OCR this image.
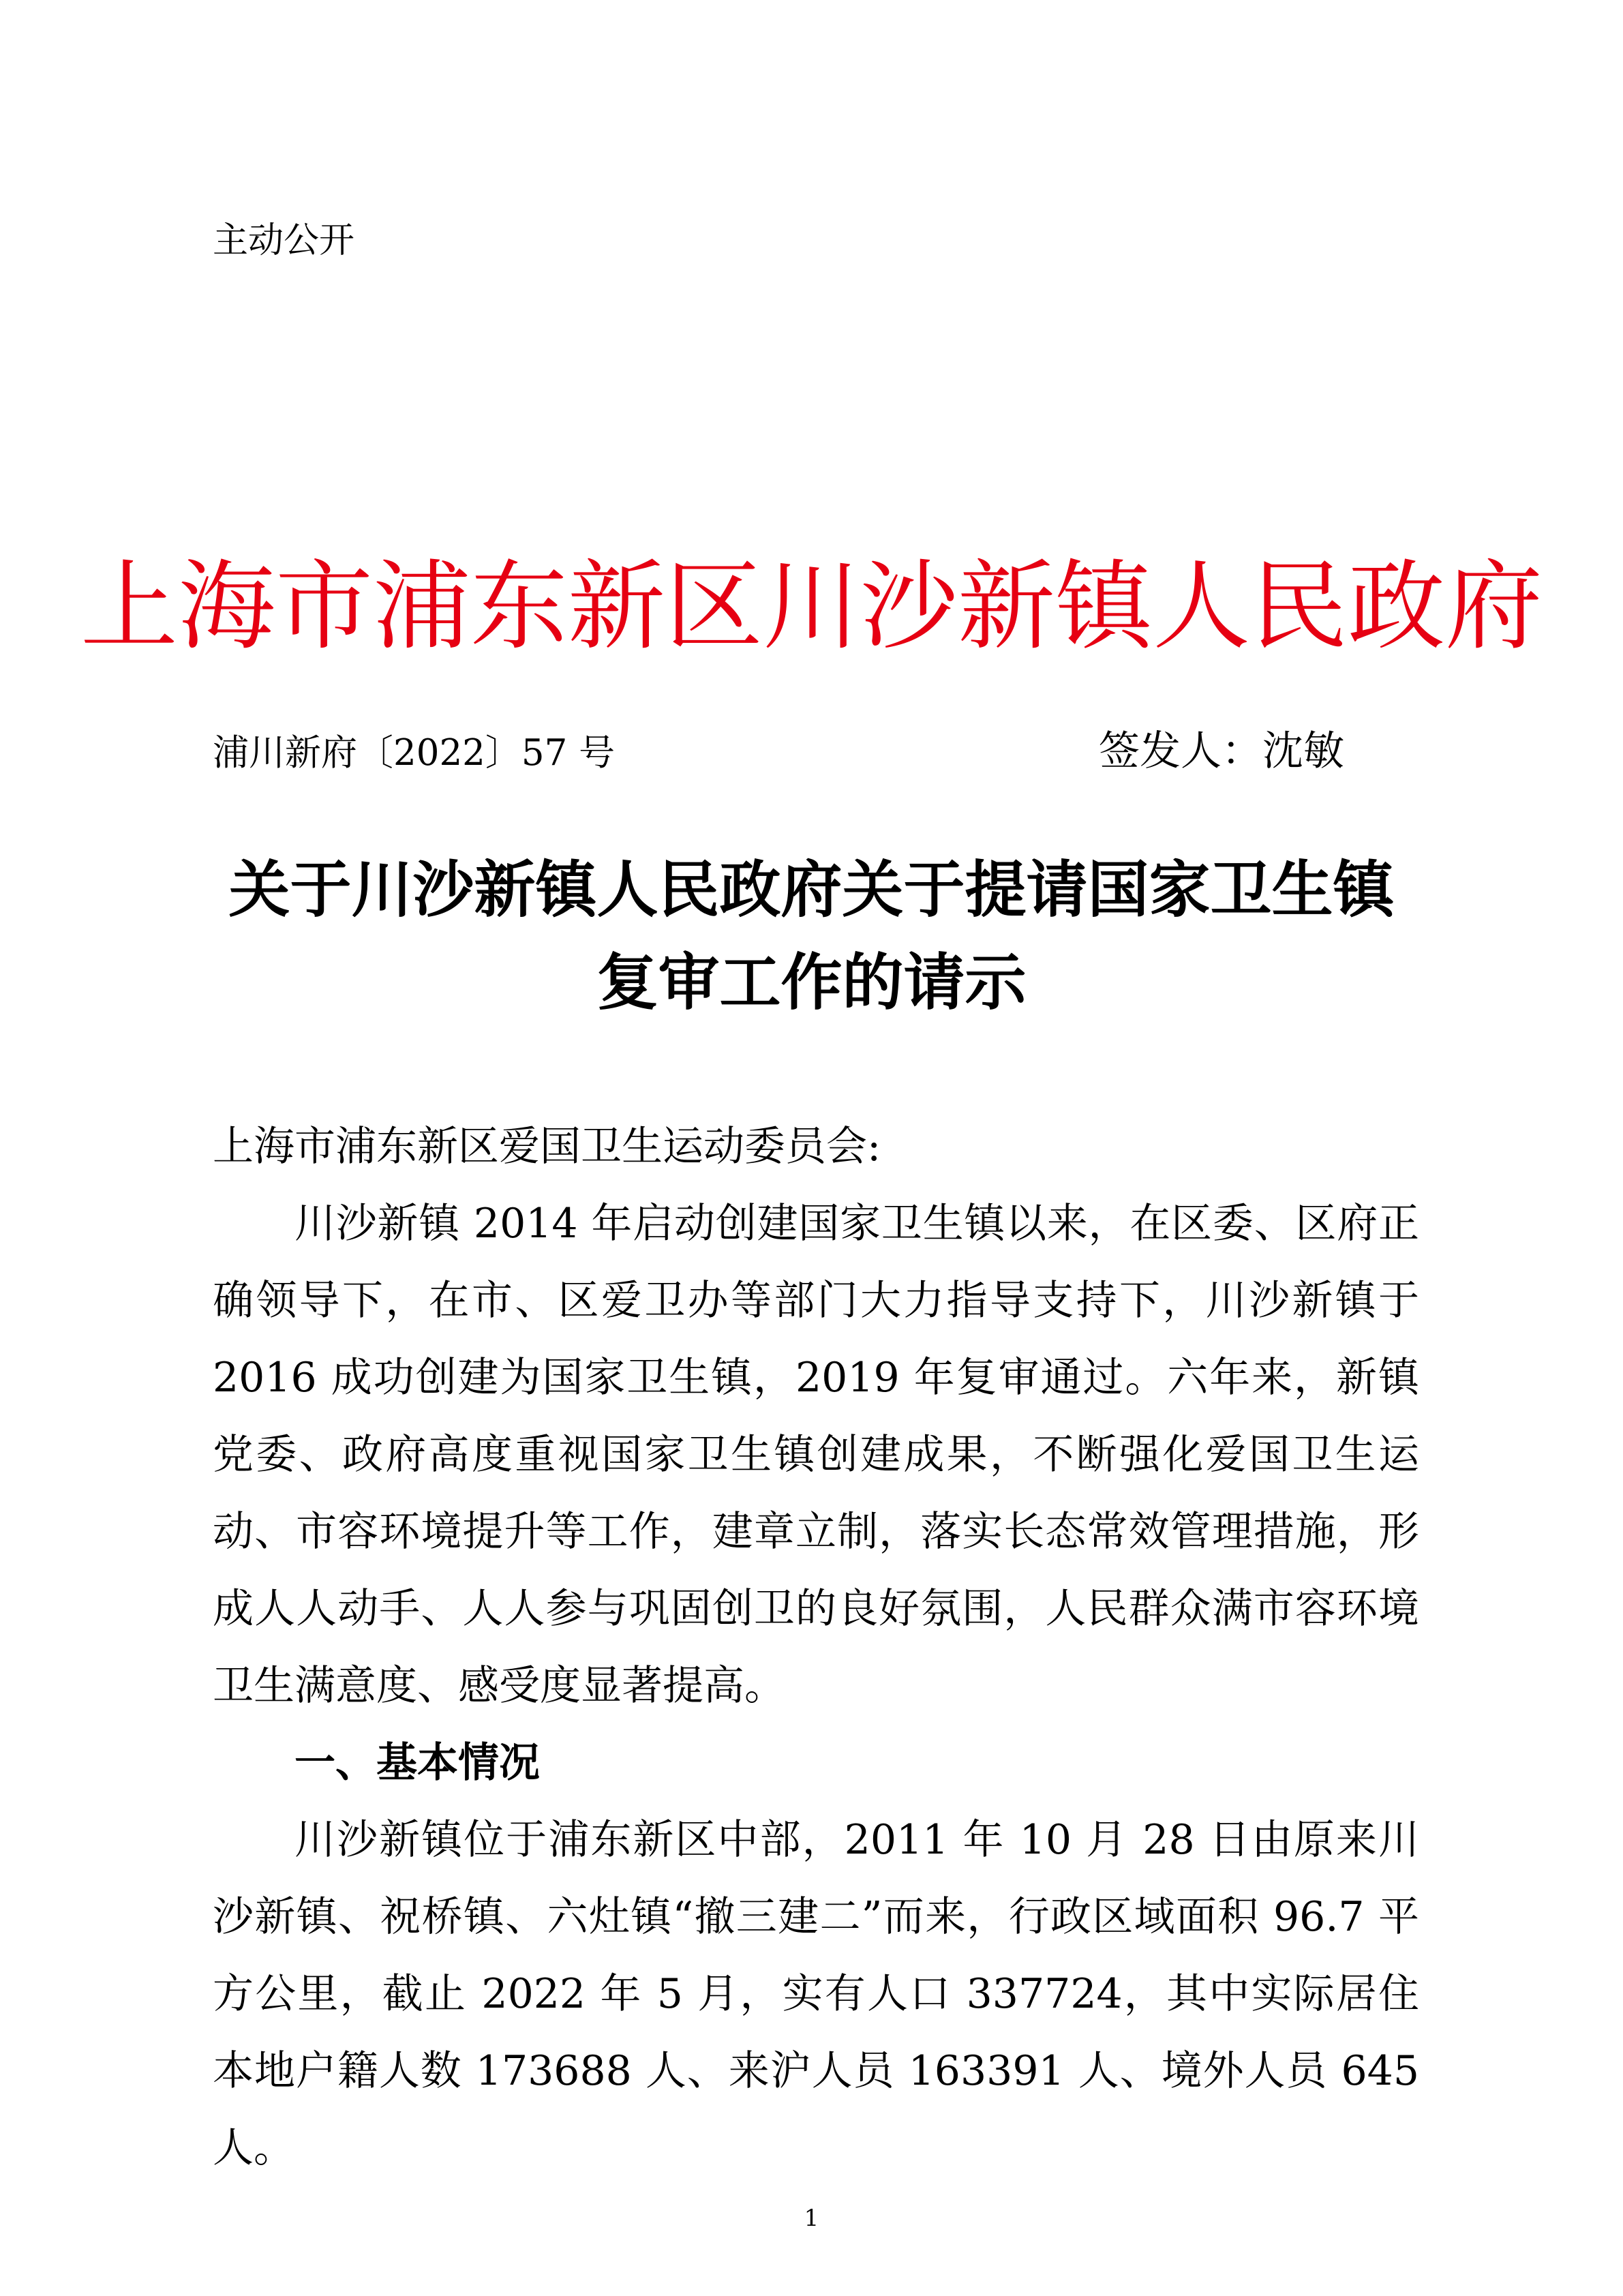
主动公开
上海市浦东新区川沙新镇人民政府
浦川新府〔2022〕57 号	签发人：沈敏
关于川沙新镇人民政府关于提请国家卫生镇
复审工作的请示

上海市浦东新区爱国卫生运动委员会:

川沙新镇 2014 年启动创建国家卫生镇以来，在区委、区府正确领导下，在市、区爱卫办等部门大力指导支持下，川沙新镇于 2016 成功创建为国家卫生镇，2019 年复审通过。六年来，新镇党委、政府高度重视国家卫生镇创建成果，不断强化爱国卫生运动、市容环境提升等工作，建章立制，落实长态常效管理措施，形成人人动手、人人参与巩固创卫的良好氛围，人民群众满市容环境卫生满意度、感受度显著提高。

一、基本情况

川沙新镇位于浦东新区中部，2011 年 10 月 28 日由原来川沙新镇、祝桥镇、六灶镇“撤三建二”而来，行政区域面积 96.7 平方公里，截止 2022 年 5 月，实有人口 337724，其中实际居住本地户籍人数 173688 人、来沪人员 163391 人、境外人员 645 人。

1
